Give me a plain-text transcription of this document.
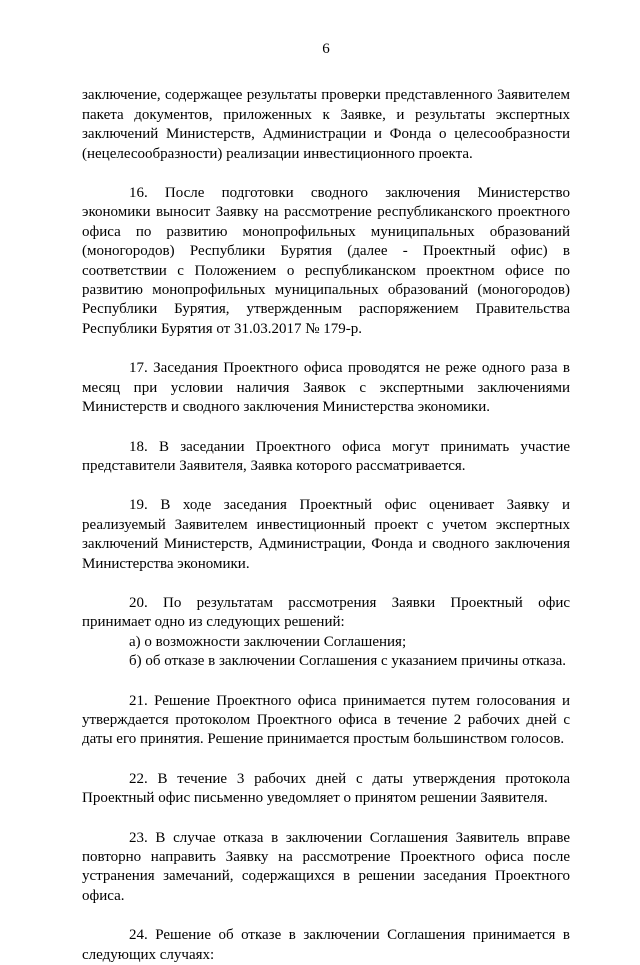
6

заключение, содержащее результаты проверки представленного Заявителем пакета документов, приложенных к Заявке, и результаты экспертных заключений Министерств, Администрации и Фонда о целесообразности (нецелесообразности) реализации инвестиционного проекта.

16. После подготовки сводного заключения Министерство экономики выносит Заявку на рассмотрение республиканского проектного офиса по развитию монопрофильных муниципальных образований (моногородов) Республики Бурятия (далее - Проектный офис) в соответствии с Положением о республиканском проектном офисе по развитию монопрофильных муниципальных образований (моногородов) Республики Бурятия, утвержденным распоряжением Правительства Республики Бурятия от 31.03.2017 № 179-р.

17. Заседания Проектного офиса проводятся не реже одного раза в месяц при условии наличия Заявок с экспертными заключениями Министерств и сводного заключения Министерства экономики.

18. В заседании Проектного офиса могут принимать участие представители Заявителя, Заявка которого рассматривается.

19. В ходе заседания Проектный офис оценивает Заявку и реализуемый Заявителем инвестиционный проект с учетом экспертных заключений Министерств, Администрации, Фонда и сводного заключения Министерства экономики.

20. По результатам рассмотрения Заявки Проектный офис принимает одно из следующих решений:

а) о возможности заключении Соглашения;

б) об отказе в заключении Соглашения с указанием причины отказа.

21. Решение Проектного офиса принимается путем голосования и утверждается протоколом Проектного офиса в течение 2 рабочих дней с даты его принятия. Решение принимается простым большинством голосов.

22. В течение 3 рабочих дней с даты утверждения протокола Проектный офис письменно уведомляет о принятом решении Заявителя.

23. В случае отказа в заключении Соглашения Заявитель вправе повторно направить Заявку на рассмотрение Проектного офиса после устранения замечаний, содержащихся в решении заседания Проектного офиса.

24. Решение об отказе в заключении Соглашения принимается в следующих случаях:
